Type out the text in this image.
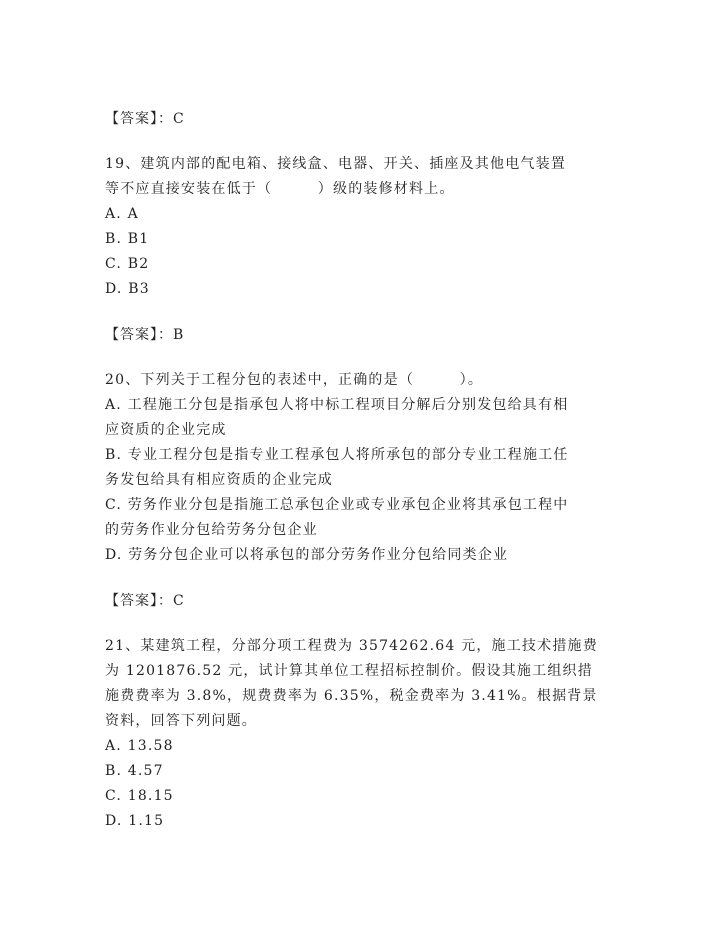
【答案】：C
19、建筑内部的配电箱、接线盒、电器、开关、插座及其他电气装置
等不应直接安装在低于（　　　）级的装修材料上。
A. A
B. B1
C. B2
D. B3
【答案】：B
20、下列关于工程分包的表述中，正确的是（　　　）。
A. 工程施工分包是指承包人将中标工程项目分解后分别发包给具有相
应资质的企业完成
B. 专业工程分包是指专业工程承包人将所承包的部分专业工程施工任
务发包给具有相应资质的企业完成
C. 劳务作业分包是指施工总承包企业或专业承包企业将其承包工程中
的劳务作业分包给劳务分包企业
D. 劳务分包企业可以将承包的部分劳务作业分包给同类企业
【答案】：C
21、某建筑工程，分部分项工程费为 3574262.64 元，施工技术措施费
为 1201876.52 元，试计算其单位工程招标控制价。假设其施工组织措
施费费率为 3.8%，规费费率为 6.35%，税金费率为 3.41%。根据背景
资料，回答下列问题。
A. 13.58
B. 4.57
C. 18.15
D. 1.15
